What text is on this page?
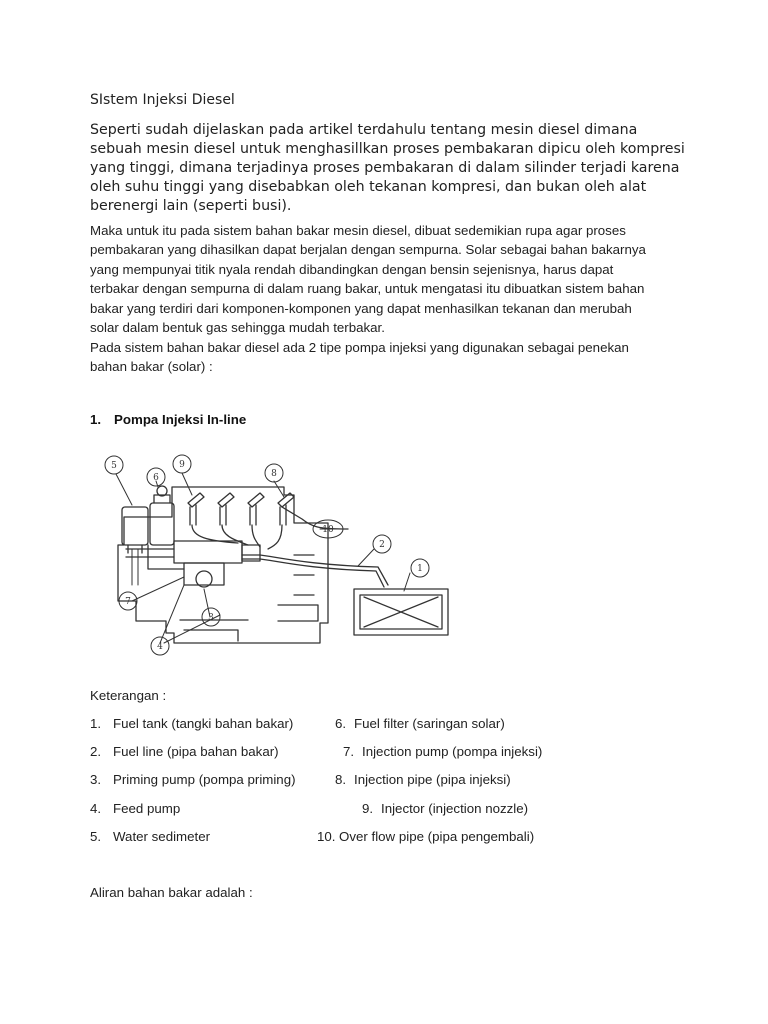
SIstem Injeksi Diesel
Seperti sudah dijelaskan pada artikel terdahulu tentang mesin diesel dimana
sebuah mesin diesel untuk menghasillkan proses pembakaran dipicu oleh kompresi
yang tinggi, dimana terjadinya proses pembakaran di dalam silinder terjadi karena
oleh suhu tinggi yang disebabkan oleh tekanan kompresi, dan bukan oleh alat
berenergi lain (seperti busi).
Maka untuk itu pada sistem bahan bakar mesin diesel, dibuat sedemikian rupa agar proses
pembakaran yang dihasilkan dapat berjalan dengan sempurna. Solar sebagai bahan bakarnya
yang mempunyai titik nyala rendah dibandingkan dengan bensin sejenisnya, harus dapat
terbakar dengan sempurna di dalam ruang bakar, untuk mengatasi itu dibuatkan sistem bahan
bakar yang terdiri dari komponen-komponen yang dapat menhasilkan tekanan dan merubah
solar dalam bentuk gas sehingga mudah terbakar.
Pada sistem bahan bakar diesel ada 2 tipe pompa injeksi yang digunakan sebagai penekan
bahan bakar (solar) :
1. Pompa Injeksi In-line
1
2
3
4
5
6
7
8
9
10
Keterangan :
1. Fuel tank (tangki bahan bakar)
2. Fuel line (pipa bahan bakar)
3. Priming pump (pompa priming)
4. Feed pump
5. Water sedimeter
6. Fuel filter (saringan solar)
7. Injection pump (pompa injeksi)
8. Injection pipe (pipa injeksi)
9. Injector (injection nozzle)
10. Over flow pipe (pipa pengembali)
Aliran bahan bakar adalah :
